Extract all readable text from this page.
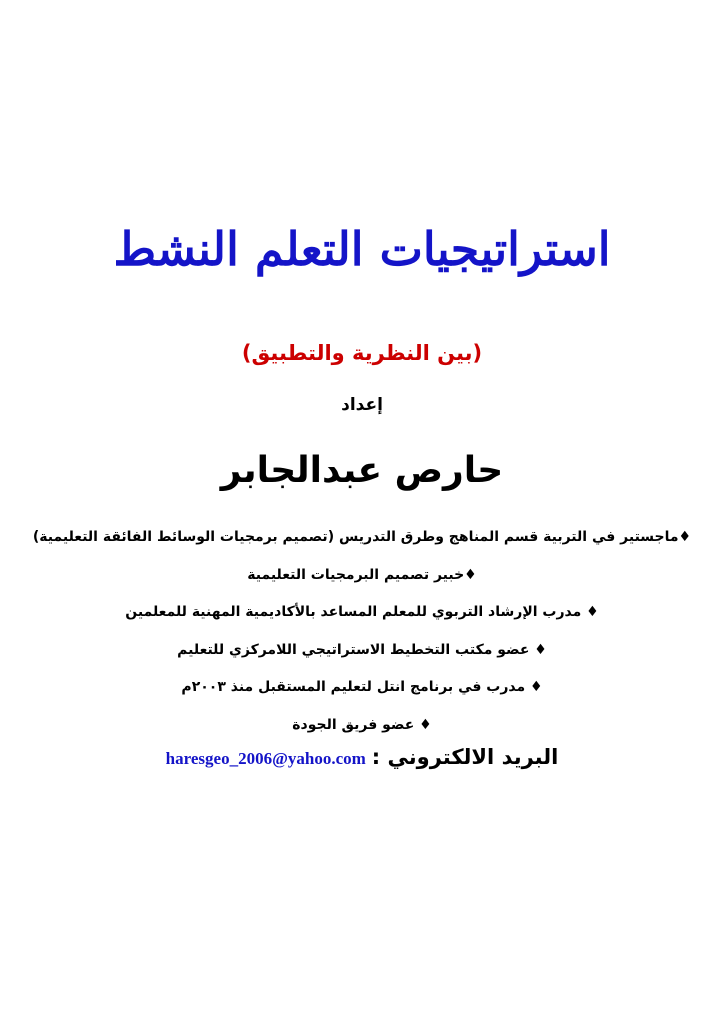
استراتيجيات التعلم النشط
(بين النظرية والتطبيق)
إعداد
حارص عبدالجابر
♦ماجستير في التربية قسم المناهج وطرق التدريس (تصميم برمجيات الوسائط الفائقة التعليمية)
♦خبير تصميم البرمجيات التعليمية
♦ مدرب الإرشاد التربوي للمعلم المساعد بالأكاديمية المهنية للمعلمين
♦ عضو مكتب التخطيط الاستراتيجي اللامركزي للتعليم
♦ مدرب في برنامج انتل لتعليم المستقبل منذ ٢٠٠٣م
♦ عضو فريق الجودة
haresgeo_2006@yahoo.com البريد الالكتروني :
